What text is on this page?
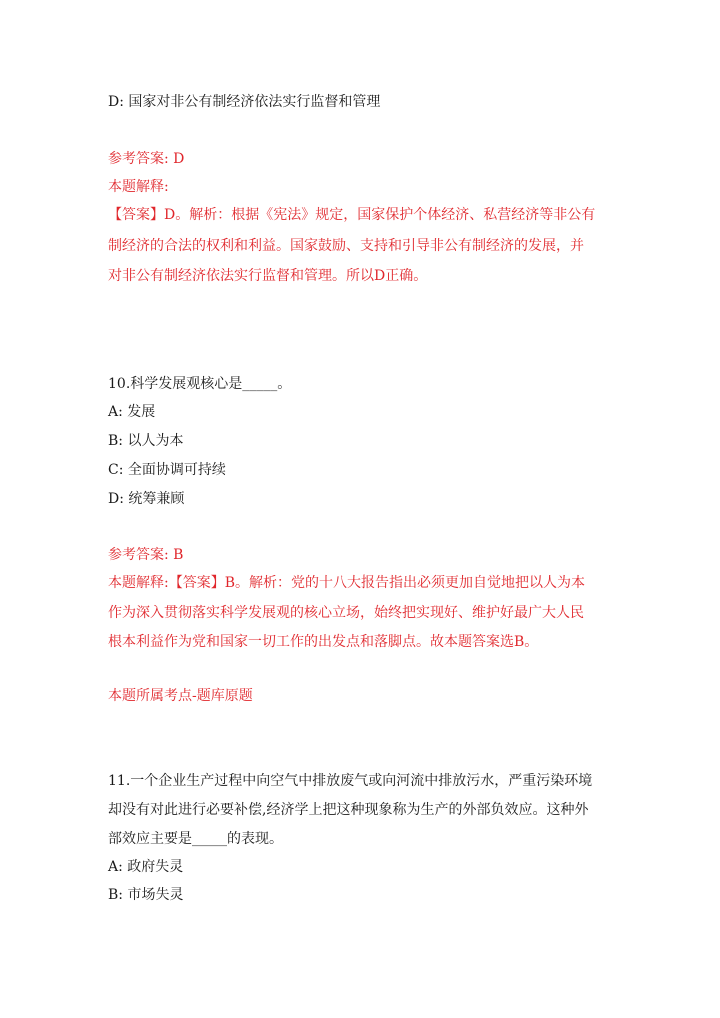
D: 国家对非公有制经济依法实行监督和管理
参考答案: D
本题解释:
【答案】D。解析：根据《宪法》规定，国家保护个体经济、私营经济等非公有
制经济的合法的权利和利益。国家鼓励、支持和引导非公有制经济的发展，并
对非公有制经济依法实行监督和管理。所以D正确。
10.科学发展观核心是_____。
A: 发展
B: 以人为本
C: 全面协调可持续
D: 统筹兼顾
参考答案: B
本题解释:【答案】B。解析：党的十八大报告指出必须更加自觉地把以人为本
作为深入贯彻落实科学发展观的核心立场，始终把实现好、维护好最广大人民
根本利益作为党和国家一切工作的出发点和落脚点。故本题答案选B。
本题所属考点-题库原题
11.一个企业生产过程中向空气中排放废气或向河流中排放污水，严重污染环境
却没有对此进行必要补偿,经济学上把这种现象称为生产的外部负效应。这种外
部效应主要是_____的表现。
A: 政府失灵
B: 市场失灵
